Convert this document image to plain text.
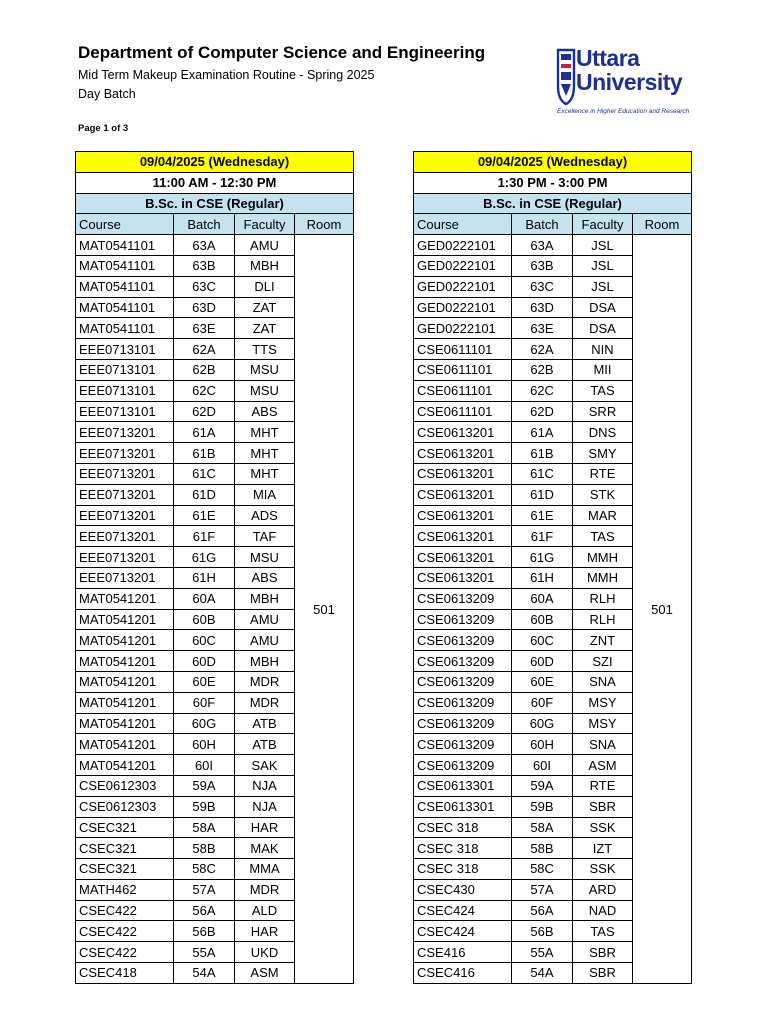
Department of Computer Science and Engineering
Mid Term Makeup Examination Routine - Spring 2025
Day Batch
Page 1 of 3
Uttara
University
Excellence in Higher Education and Research
09/04/2025 (Wednesday)			
11:00 AM - 12:30 PM			
B.Sc. in CSE (Regular)			
Course	Batch	Faculty	Room
MAT0541101	63A	AMU	501
MAT0541101	63B	MBH	
MAT0541101	63C	DLI	
MAT0541101	63D	ZAT	
MAT0541101	63E	ZAT	
EEE0713101	62A	TTS	
EEE0713101	62B	MSU	
EEE0713101	62C	MSU	
EEE0713101	62D	ABS	
EEE0713201	61A	MHT	
EEE0713201	61B	MHT	
EEE0713201	61C	MHT	
EEE0713201	61D	MIA	
EEE0713201	61E	ADS	
EEE0713201	61F	TAF	
EEE0713201	61G	MSU	
EEE0713201	61H	ABS	
MAT0541201	60A	MBH	
MAT0541201	60B	AMU	
MAT0541201	60C	AMU	
MAT0541201	60D	MBH	
MAT0541201	60E	MDR	
MAT0541201	60F	MDR	
MAT0541201	60G	ATB	
MAT0541201	60H	ATB	
MAT0541201	60I	SAK	
CSE0612303	59A	NJA	
CSE0612303	59B	NJA	
CSEC321	58A	HAR	
CSEC321	58B	MAK	
CSEC321	58C	MMA	
MATH462	57A	MDR	
CSEC422	56A	ALD	
CSEC422	56B	HAR	
CSEC422	55A	UKD	
CSEC418	54A	ASM	
09/04/2025 (Wednesday)			
1:30 PM - 3:00 PM			
B.Sc. in CSE (Regular)			
Course	Batch	Faculty	Room
GED0222101	63A	JSL	501
GED0222101	63B	JSL	
GED0222101	63C	JSL	
GED0222101	63D	DSA	
GED0222101	63E	DSA	
CSE0611101	62A	NIN	
CSE0611101	62B	MII	
CSE0611101	62C	TAS	
CSE0611101	62D	SRR	
CSE0613201	61A	DNS	
CSE0613201	61B	SMY	
CSE0613201	61C	RTE	
CSE0613201	61D	STK	
CSE0613201	61E	MAR	
CSE0613201	61F	TAS	
CSE0613201	61G	MMH	
CSE0613201	61H	MMH	
CSE0613209	60A	RLH	
CSE0613209	60B	RLH	
CSE0613209	60C	ZNT	
CSE0613209	60D	SZI	
CSE0613209	60E	SNA	
CSE0613209	60F	MSY	
CSE0613209	60G	MSY	
CSE0613209	60H	SNA	
CSE0613209	60I	ASM	
CSE0613301	59A	RTE	
CSE0613301	59B	SBR	
CSEC 318	58A	SSK	
CSEC 318	58B	IZT	
CSEC 318	58C	SSK	
CSEC430	57A	ARD	
CSEC424	56A	NAD	
CSEC424	56B	TAS	
CSE416	55A	SBR	
CSEC416	54A	SBR	
